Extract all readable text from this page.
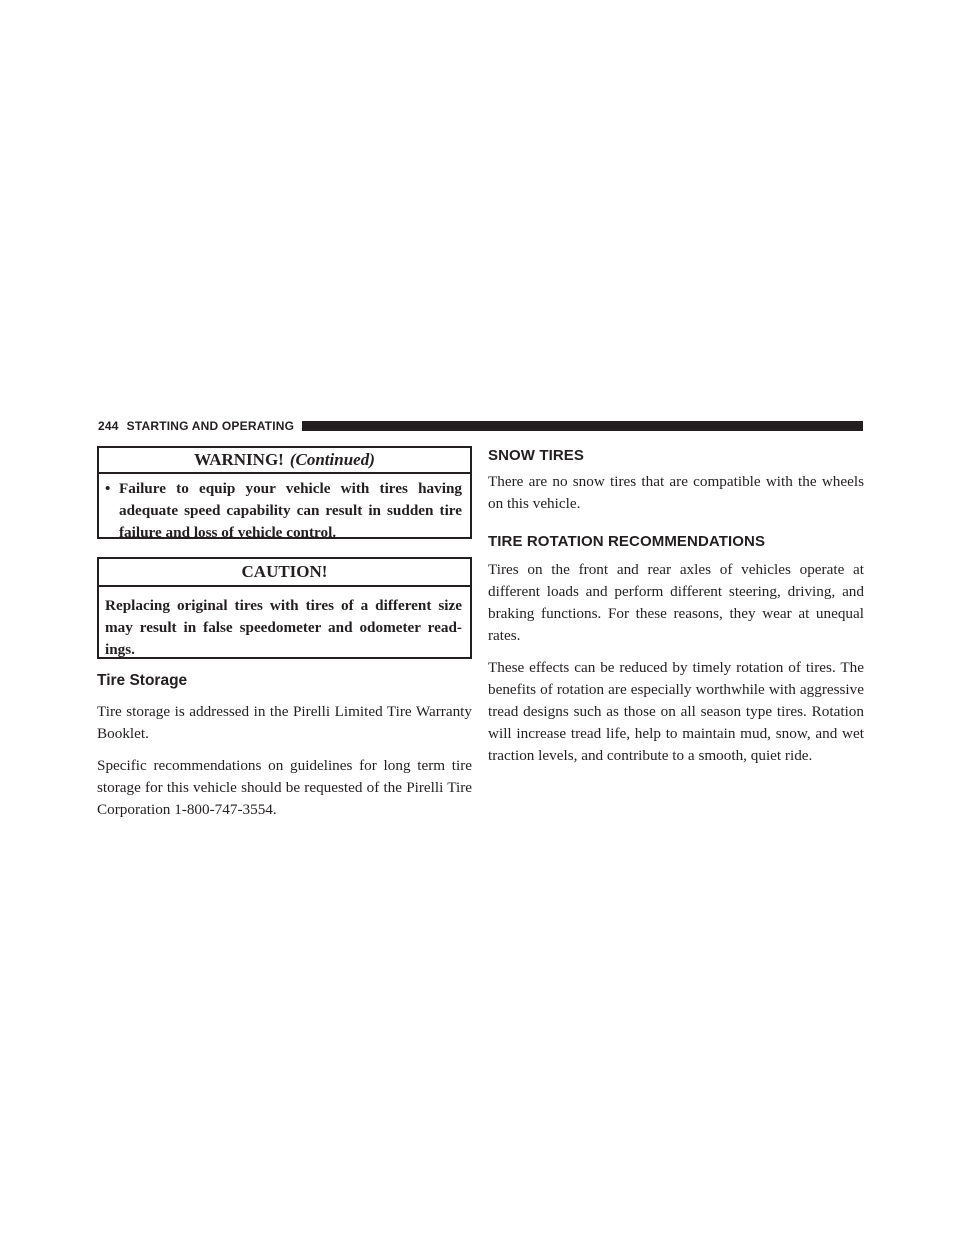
244 STARTING AND OPERATING
WARNING! (Continued)
• Failure to equip your vehicle with tires having adequate speed capability can result in sudden tire failure and loss of vehicle control.
CAUTION!
Replacing original tires with tires of a different size may result in false speedometer and odometer read-ings.
Tire Storage

Tire storage is addressed in the Pirelli Limited Tire Warranty Booklet.

Specific recommendations on guidelines for long term tire storage for this vehicle should be requested of the Pirelli Tire Corporation 1-800-747-3554.

SNOW TIRES

There are no snow tires that are compatible with the wheels on this vehicle.

TIRE ROTATION RECOMMENDATIONS

Tires on the front and rear axles of vehicles operate at different loads and perform different steering, driving, and braking functions. For these reasons, they wear at unequal rates.

These effects can be reduced by timely rotation of tires. The benefits of rotation are especially worthwhile with aggressive tread designs such as those on all season type tires. Rotation will increase tread life, help to maintain mud, snow, and wet traction levels, and contribute to a smooth, quiet ride.
